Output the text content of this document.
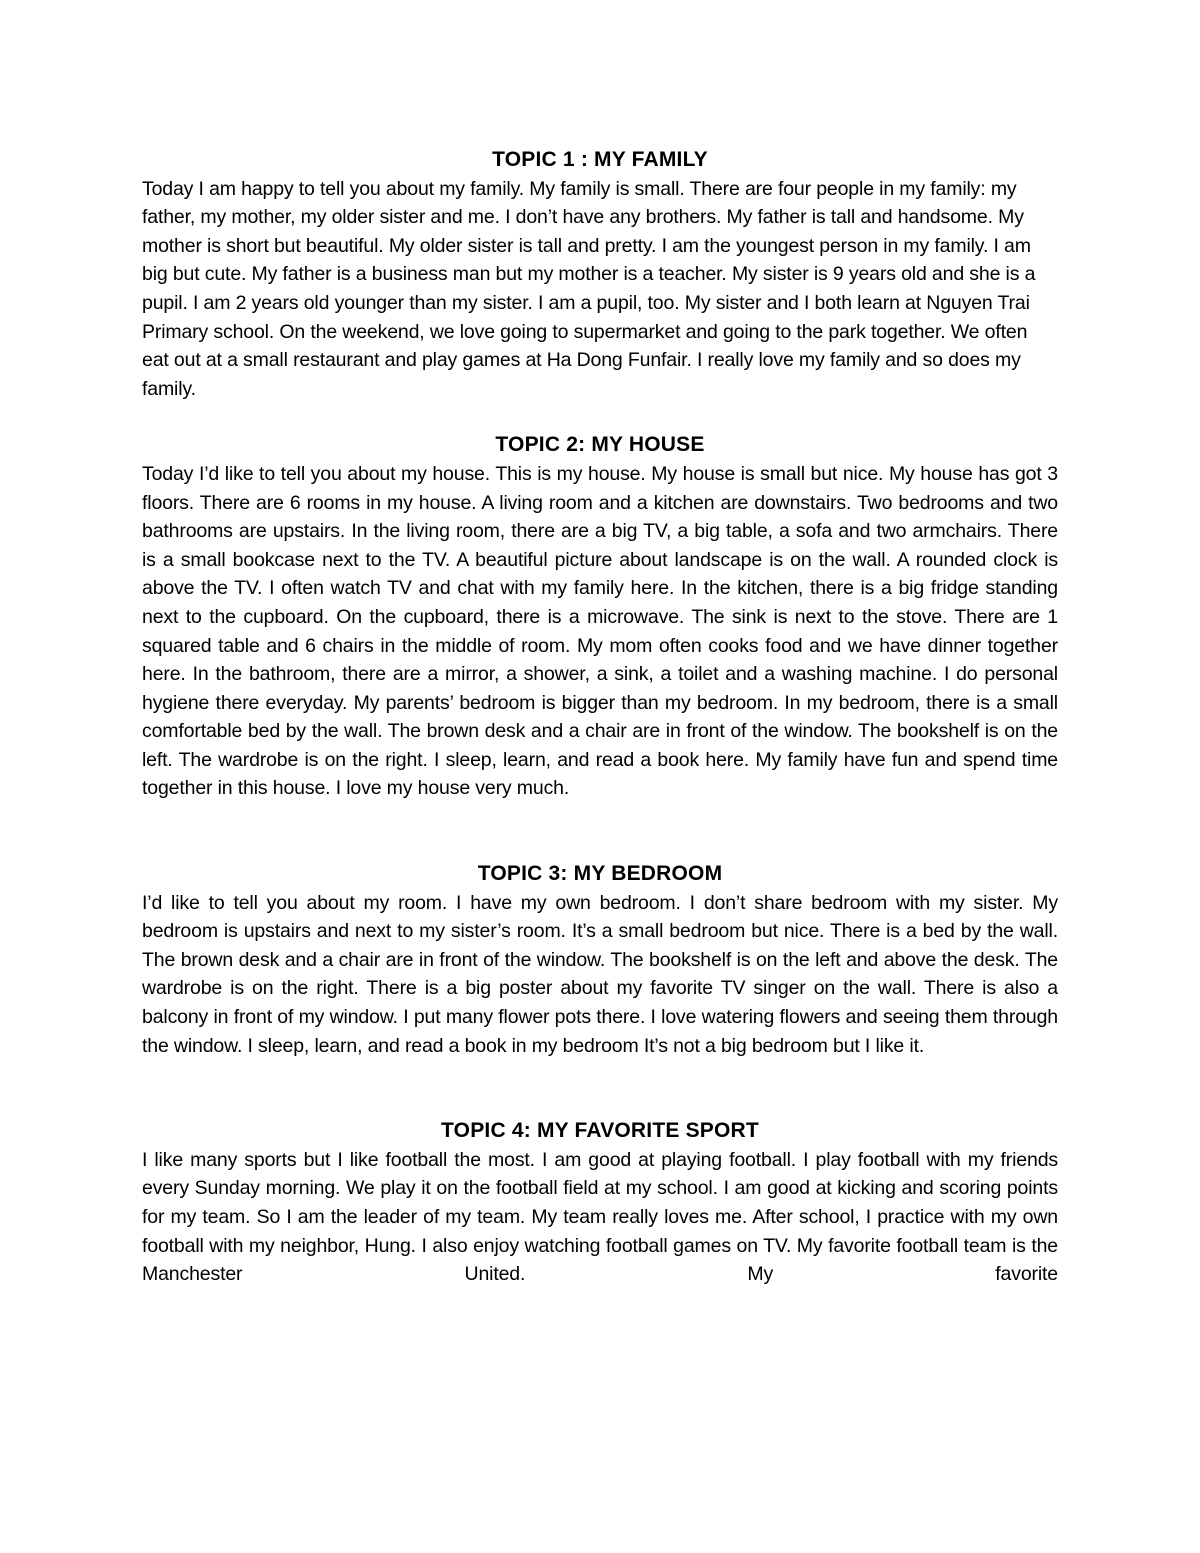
TOPIC 1 : MY FAMILY

Today I am happy to tell you about my family. My family is small. There are four people in my family: my father, my mother, my older sister and me. I don’t have any brothers. My father is tall and handsome. My mother is short but beautiful. My older sister is tall and pretty. I am the youngest person in my family. I am big but cute. My father is a business man but my mother is a teacher. My sister is 9 years old and she is a pupil. I am 2 years old younger than my sister. I am a pupil, too. My sister and I both learn at Nguyen Trai Primary school. On the weekend, we love going to supermarket and going to the park together. We often eat out at a small restaurant and play games at Ha Dong Funfair. I really love my family and so does my family.

TOPIC 2: MY HOUSE

Today I’d like to tell you about my house. This is my house. My house is small but nice. My house has got 3 floors. There are 6 rooms in my house. A living room and a kitchen are downstairs. Two bedrooms and two bathrooms are upstairs. In the living room, there are a big TV, a big table, a sofa and two armchairs. There is a small bookcase next to the TV. A beautiful picture about landscape is on the wall. A rounded clock is above the TV. I often watch TV and chat with my family here. In the kitchen, there is a big fridge standing next to the cupboard. On the cupboard, there is a microwave. The sink is next to the stove. There are 1 squared table and 6 chairs in the middle of room. My mom often cooks food and we have dinner together here. In the bathroom, there are a mirror, a shower, a sink, a toilet and a washing machine. I do personal hygiene there everyday. My parents’ bedroom is bigger than my bedroom. In my bedroom, there is a small comfortable bed by the wall. The brown desk and a chair are in front of the window. The bookshelf is on the left. The wardrobe is on the right. I sleep, learn, and read a book here. My family have fun and spend time together in this house. I love my house very much.

TOPIC 3: MY BEDROOM

I’d like to tell you about my room. I have my own bedroom. I don’t share bedroom with my sister. My bedroom is upstairs and next to my sister’s room. It’s a small bedroom but nice. There is a bed by the wall. The brown desk and a chair are in front of the window. The bookshelf is on the left and above the desk. The wardrobe is on the right. There is a big poster about my favorite TV singer on the wall. There is also a balcony in front of my window. I put many flower pots there. I love watering flowers and seeing them through the window. I sleep, learn, and read a book in my bedroom It’s not a big bedroom but I like it.

TOPIC 4: MY FAVORITE SPORT

I like many sports but I like football the most. I am good at playing football. I play football with my friends every Sunday morning. We play it on the football field at my school. I am good at kicking and scoring points for my team. So I am the leader of my team. My team really loves me. After school, I practice with my own football with my neighbor, Hung. I also enjoy watching football games on TV. My favorite football team is the Manchester United. My favorite
